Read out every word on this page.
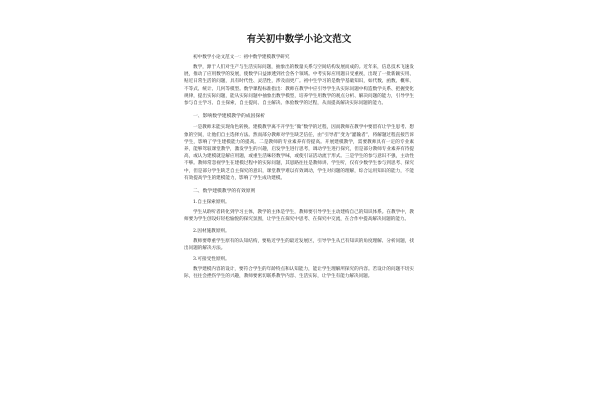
有关初中数学小论文范文
初中数学小论文范文一：初中数学建模教学研究
数学，源于人们对生产与生活实际问题，抽象出的数量关系与空间结构发展而成的。近年来，信息技术飞速发展，推动了应用数学的发展，使数学日益渗透到社会各个领域。中考实际应用题日受重视，出现了一批新颖实用、贴近日常生活的问题，具有时代性、灵活性，涉及面更广。初中生学习的是数学基础知识，如代数、函数、概率、不等式、统计、几何等模型。数学课程标准指出：教师在教学中应引导学生从实际问题中构造数学关系、把握变化规律，提出实际问题，能从实际问题中抽象出数学模型，培养学生用数学的观点分析、解决问题的能力，引导学生参与自主学习、自主探索，自主提问、自主解决、体验数学的过程，从而提高解决实际问题的能力。
一、影响数学建模教学的成因探析
一是教师未能实现角色转换。建模教学离不开学生“做”数学的过程，因而教师在教学中要留有让学生思考、想象的空间，让他们自主选择方法。然而部分教师对学生缺乏信任，由“引导者”变为“灌输者”，将解题过程直接告诉学生，影响了学生建模能力的提高。二是教师的专业素养有待提高。开展建模教学，需要教师具有一定的专业素养，能够驾驭课堂教学，激发学生的兴趣，启发学生进行思考，调动学生进行探究，但是部分教师专业素养有待提高，或认为建模就是解应用题，或重生活味轻数学味，或使引证活动流于形式。三是学生的参与意识不强，主动性不够。教师常忽视学生在建模过程中的实际问题，其思路往往是教师讲、学生听，仅有少数学生参与到思考、探究中，但是部分学生缺乏自主探究的意识，课堂教学难以有效调动，学生对问题的理解，综合运用知识的能力，不能有效提高学生的建模能力，影响了学生成功建模。
二、数学建模教学的有效原则
1.自主探索原则。
学生从聆听者转化到学习主体，教学的主体是学生，教师要引导学生主动建构自己的知识体系。在教学中，教师要为学生创设好轻松愉悦的探究氛围，让学生在探究中思考、在探究中交流，在合作中提高解决问题的能力。
2.因材施教原则。
教师要尊重学生原有的认知结构，要贴近学生的最近发展区，引导学生从已有知识的角度理解、分析问题，找出问题的解决方法。
3.可接受性原则。
数学建模内容的设计，要符合学生的年龄特点和认知能力，能让学生理解所探究的内容。若设计的问题不切实际，往往会挫伤学生的兴趣，教师要密切联系教学内容、生活实际，让学生有能力解决问题。
